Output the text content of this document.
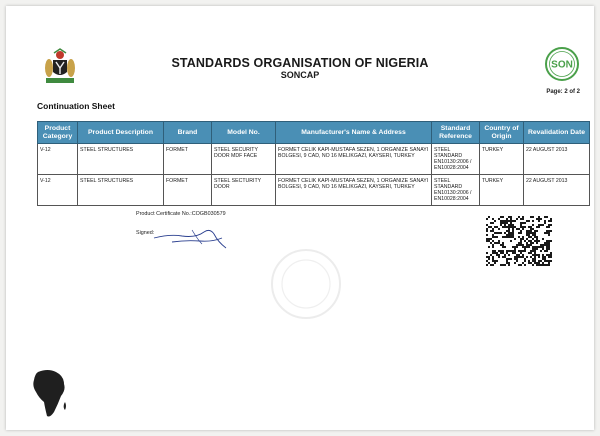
STANDARDS ORGANISATION OF NIGERIA
SONCAP
SON
Page: 2 of 2
Continuation Sheet
Product Category	Product Description	Brand	Model No.	Manufacturer's Name & Address	Standard Reference	Country of Origin	Revalidation Date
V-12	STEEL STRUCTURES	FORMET	STEEL SECURITY DOOR MDF FACE	FORMET CELIK KAPI-MUSTAFA SEZEN, 1 ORGANIZE SANAYI BOLGESI, 9 CAD, NO 16 MELIKGAZI, KAYSERI, TURKEY	STEEL STANDARD EN10130:2006 / EN10028:2004	TURKEY	22 AUGUST 2013
V-12	STEEL STRUCTURES	FORMET	STEEL SECTURITY DOOR	FORMET CELIK KAPI-MUSTAFA SEZEN, 1 ORGANIZE SANAYI BOLGESI, 9 CAD, NO 16 MELIKGAZI, KAYSERI, TURKEY	STEEL STANDARD EN10130:2006 / EN10028:2004	TURKEY	22 AUGUST 2013
Product Certificate No.:COGB030579
Signed:
